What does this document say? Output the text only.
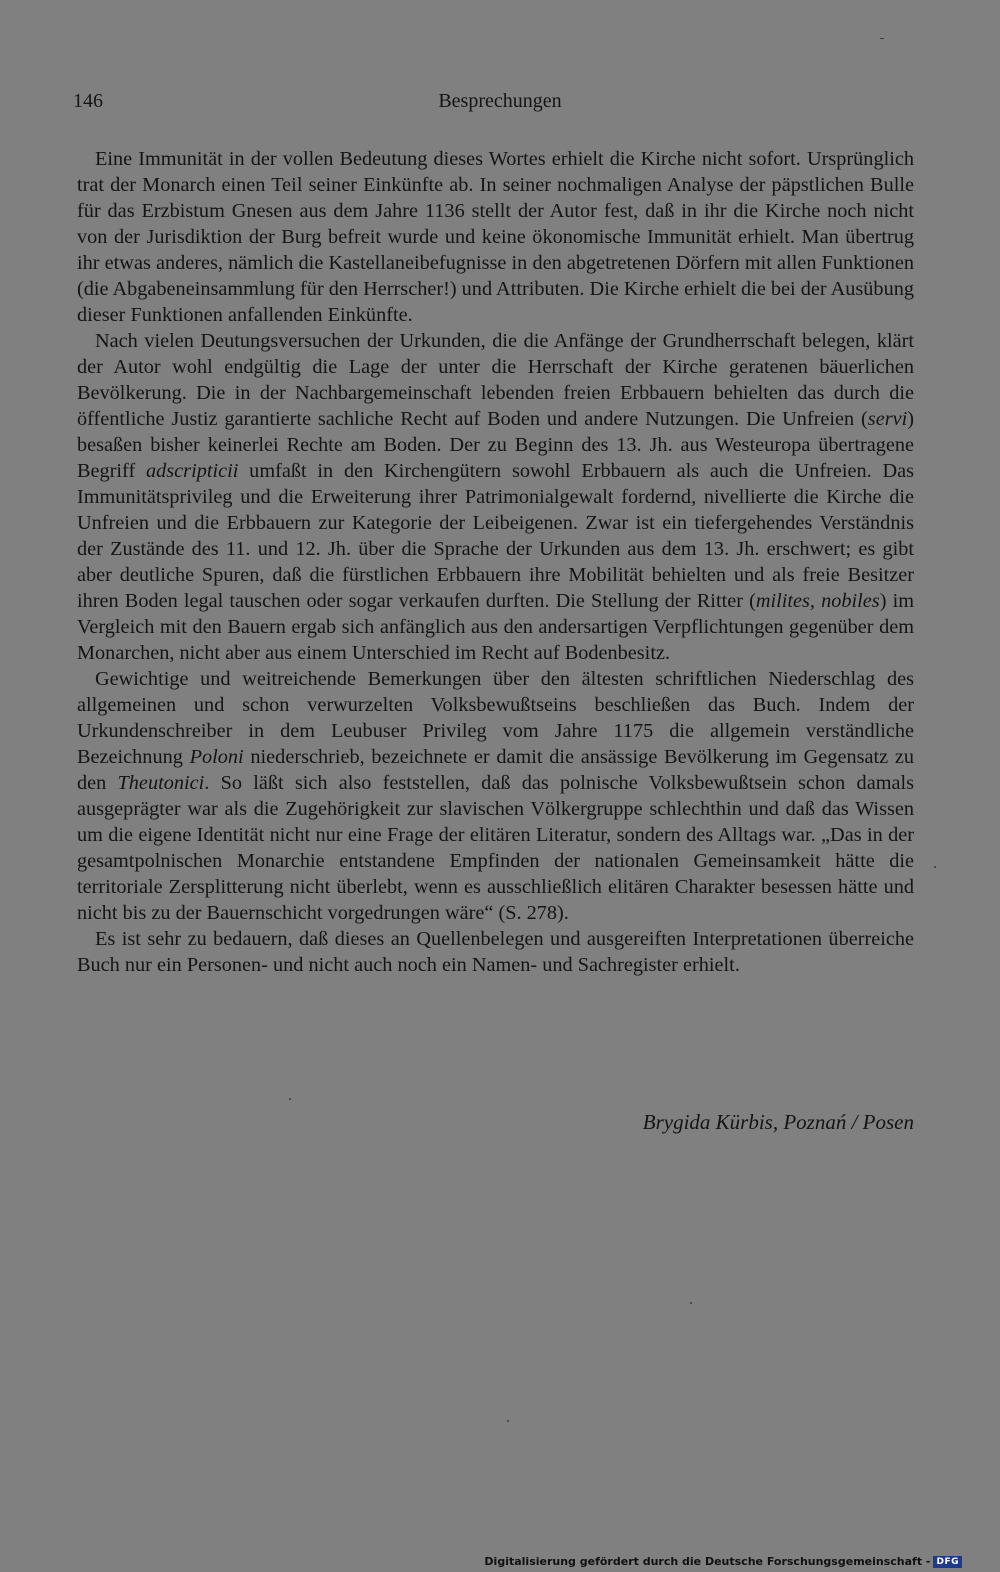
146	Besprechungen

Eine Immunität in der vollen Bedeutung dieses Wortes erhielt die Kirche nicht sofort. Ursprünglich trat der Monarch einen Teil seiner Einkünfte ab. In seiner nochmaligen Analyse der päpstlichen Bulle für das Erzbistum Gnesen aus dem Jahre 1136 stellt der Autor fest, daß in ihr die Kirche noch nicht von der Jurisdiktion der Burg befreit wurde und keine ökonomische Immunität erhielt. Man übertrug ihr etwas anderes, nämlich die Kastellaneibefugnisse in den abgetretenen Dörfern mit allen Funktionen (die Abgabeneinsammlung für den Herrscher!) und Attributen. Die Kirche erhielt die bei der Ausübung dieser Funktionen anfallenden Einkünfte.

Nach vielen Deutungsversuchen der Urkunden, die die Anfänge der Grundherrschaft belegen, klärt der Autor wohl endgültig die Lage der unter die Herrschaft der Kirche geratenen bäuerlichen Bevölkerung. Die in der Nachbargemeinschaft lebenden freien Erbbauern behielten das durch die öffentliche Justiz garantierte sachliche Recht auf Boden und andere Nutzungen. Die Unfreien (servi) besaßen bisher keinerlei Rechte am Boden. Der zu Beginn des 13. Jh. aus Westeuropa übertragene Begriff adscripticii umfaßt in den Kirchengütern sowohl Erbbauern als auch die Unfreien. Das Immunitätsprivileg und die Erweiterung ihrer Patrimonialgewalt fordernd, nivellierte die Kirche die Unfreien und die Erbbauern zur Kategorie der Leibeigenen. Zwar ist ein tiefergehendes Verständnis der Zustände des 11. und 12. Jh. über die Sprache der Urkunden aus dem 13. Jh. erschwert; es gibt aber deutliche Spuren, daß die fürstlichen Erbbauern ihre Mobilität behielten und als freie Besitzer ihren Boden legal tauschen oder sogar verkaufen durften. Die Stellung der Ritter (milites, nobiles) im Vergleich mit den Bauern ergab sich anfänglich aus den andersartigen Verpflichtungen gegenüber dem Monarchen, nicht aber aus einem Unterschied im Recht auf Bodenbesitz.

Gewichtige und weitreichende Bemerkungen über den ältesten schriftlichen Niederschlag des allgemeinen und schon verwurzelten Volksbewußtseins beschließen das Buch. Indem der Urkundenschreiber in dem Leubuser Privileg vom Jahre 1175 die allgemein verständliche Bezeichnung Poloni niederschrieb, bezeichnete er damit die ansässige Bevölkerung im Gegensatz zu den Theutonici. So läßt sich also feststellen, daß das polnische Volksbewußtsein schon damals ausgeprägter war als die Zugehörigkeit zur slavischen Völkergruppe schlechthin und daß das Wissen um die eigene Identität nicht nur eine Frage der elitären Literatur, sondern des Alltags war. „Das in der gesamtpolnischen Monarchie entstandene Empfinden der nationalen Gemeinsamkeit hätte die territoriale Zersplitterung nicht überlebt, wenn es ausschließlich elitären Charakter besessen hätte und nicht bis zu der Bauernschicht vorgedrungen wäre“ (S. 278).

Es ist sehr zu bedauern, daß dieses an Quellenbelegen und ausgereiften Interpretationen überreiche Buch nur ein Personen- und nicht auch noch ein Namen- und Sachregister erhielt.

Brygida Kürbis, Poznań / Posen
Digitalisierung gefördert durch die Deutsche Forschungsgemeinschaft - DFG
